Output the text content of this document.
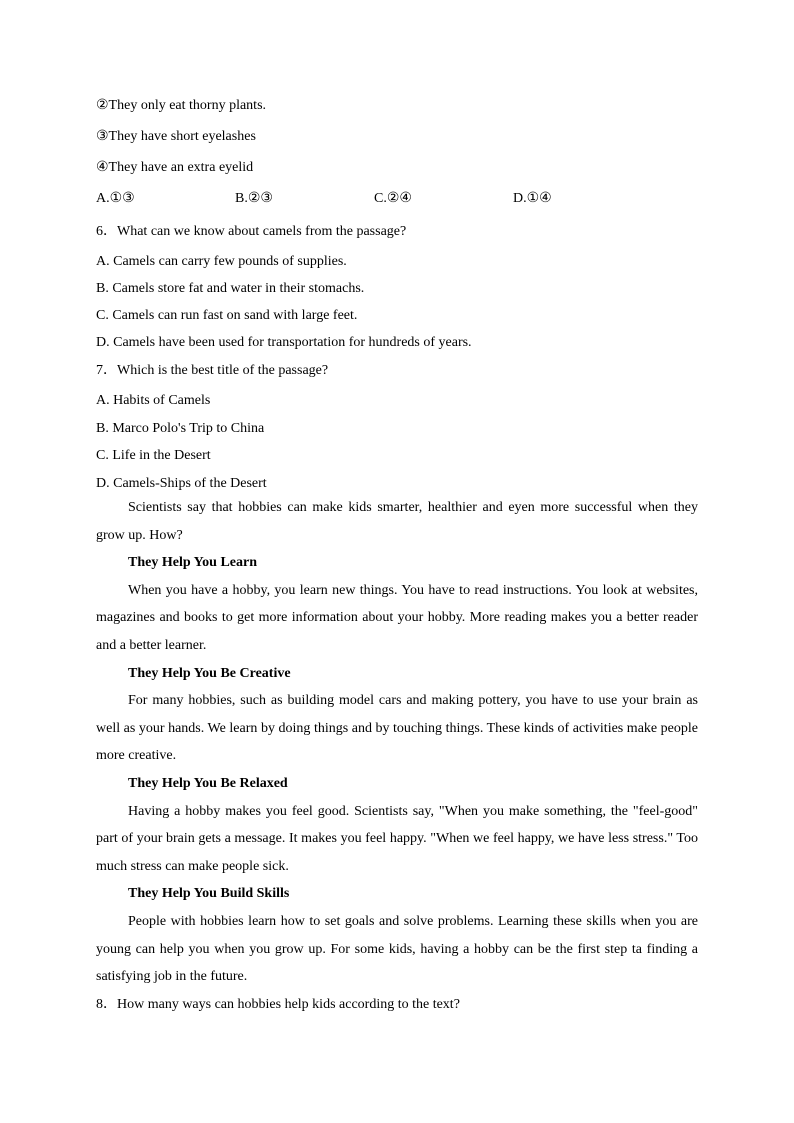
②They only eat thorny plants.
③They have short eyelashes
④They have an extra eyelid
A.①③	B.②③	C.②④	D.①④
6．What can we know about camels from the passage?
A. Camels can carry few pounds of supplies.
B. Camels store fat and water in their stomachs.
C. Camels can run fast on sand with large feet.
D. Camels have been used for transportation for hundreds of years.
7．Which is the best title of the passage?
A. Habits of Camels
B. Marco Polo's Trip to China
C. Life in the Desert
D. Camels-Ships of the Desert

Scientists say that hobbies can make kids smarter, healthier and eyen more successful when they grow up. How?

They Help You Learn

When you have a hobby, you learn new things. You have to read instructions. You look at websites, magazines and books to get more information about your hobby. More reading makes you a better reader and a better learner.

They Help You Be Creative

For many hobbies, such as building model cars and making pottery, you have to use your brain as well as your hands. We learn by doing things and by touching things. These kinds of activities make people more creative.

They Help You Be Relaxed

Having a hobby makes you feel good. Scientists say, "When you make something, the "feel-good" part of your brain gets a message. It makes you feel happy. "When we feel happy, we have less stress." Too much stress can make people sick.

They Help You Build Skills

People with hobbies learn how to set goals and solve problems. Learning these skills when you are young can help you when you grow up. For some kids, having a hobby can be the first step ta finding a satisfying job in the future.

8．How many ways can hobbies help kids according to the text?
